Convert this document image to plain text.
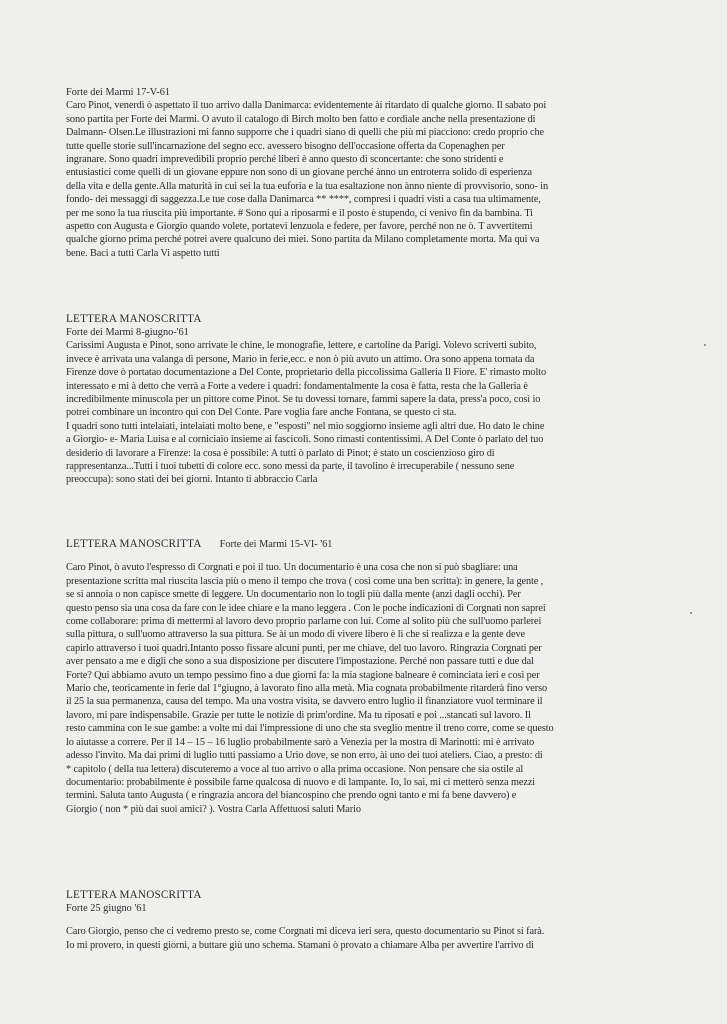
Forte dei Marmi 17-V-61

Caro Pinot, venerdì ò aspettato il tuo arrivo dalla Danimarca: evidentemente ài ritardato di qualche giorno. Il sabato poi
sono partita per Forte dei Marmi. O avuto il catalogo di Birch molto ben fatto e cordiale anche nella presentazione di
Dalmann- Olsen.Le illustrazioni mi fanno supporre che i quadri siano di quelli che più mi piacciono: credo proprio che
tutte quelle storie sull'incarnazione del segno ecc. avessero bisogno dell'occasione offerta da Copenaghen per
ingranare. Sono quadri imprevedibili proprio perché liberi è anno questo di sconcertante: che sono stridenti e
entusiastici come quelli di un giovane eppure non sono di un giovane perché ànno un entroterra solido di esperienza
della vita e della gente.Alla maturità in cui sei la tua euforia e la tua esaltazione non ànno niente di provvisorio, sono- in
fondo- dei messaggi di saggezza.Le tue cose dalla Danimarca ** ****, compresi i quadri visti a casa tua ultimamente,
per me sono la tua riuscita più importante. # Sono qui a riposarmi e il posto è stupendo, ci venivo fin da bambina. Ti
aspetto con Augusta e Giorgio quando volete, portatevi lenzuola e federe, per favore, perché non ne ò. T avvertitemi
qualche giorno prima perché potrei avere qualcuno dei miei. Sono partita da Milano completamente morta. Ma qui va
bene. Baci a tutti Carla Vi aspetto tutti

LETTERA MANOSCRITTA

Forte dei Marmi 8-giugno-'61

Carissimi Augusta e Pinot, sono arrivate le chine, le monografie, lettere, e cartoline da Parigi. Volevo scriverti subito,
invece è arrivata una valanga di persone, Mario in ferie,ecc. e non ò più avuto un attimo. Ora sono appena tornata da
Firenze dove ò portatao documentazione a Del Conte, proprietario della piccolissima Galleria Il Fiore. E' rimasto molto
interessato e mi à detto che verrà a Forte a vedere i quadri: fondamentalmente la cosa è fatta, resta che la Galleria è
incredibilmente minuscola per un pittore come Pinot. Se tu dovessi tornare, fammi sapere la data, press'a poco, così io
potrei combinare un incontro qui con Del Conte. Pare voglia fare anche Fontana, se questo ci sta.
I quadri sono tutti intelaiati, intelaiati molto bene, e "esposti" nel mio soggiorno insieme agli altri due. Ho dato le chine
a Giorgio- e- Maria Luisa e al corniciaio insieme ai fascicoli. Sono rimasti contentissimi. A Del Conte ò parlato del tuo
desiderio di lavorare a Firenze: la cosa è possibile: A tutti ò parlato di Pinot; è stato un coscienzioso giro di
rappresentanza...Tutti i tuoi tubetti di colore ecc. sono messi da parte, il tavolino è irrecuperabile ( nessuno sene
preoccupa): sono stati dei bei giorni. Intanto ti abbraccio Carla

LETTERA MANOSCRITTA Forte dei Marmi 15-VI- '61

Caro Pinot, ò avuto l'espresso di Corgnati e poi il tuo. Un documentario è una cosa che non si può sbagliare: una
presentazione scritta mal riuscita lascia più o meno il tempo che trova ( così come una ben scritta): in genere, la gente ,
se si annoia o non capisce smette di leggere. Un documentario non lo togli più dalla mente (anzi dagli occhi). Per
questo penso sia una cosa da fare con le idee chiare e la mano leggera . Con le poche indicazioni di Corgnati non saprei
come collaborare: prima di mettermi al lavoro devo proprio parlarne con lui. Come al solito più che sull'uomo parlerei
sulla pittura, o sull'uomo attraverso la sua pittura. Se ài un modo di vivere libero è lì che si realizza e la gente deve
capirlo attraverso i tuoi quadri.Intanto posso fissare alcuni punti, per me chiave, del tuo lavoro. Ringrazia Corgnati per
aver pensato a me e digli che sono a sua disposizione per discutere l'impostazione. Perché non passare tutti e due dal
Forte? Qui abbiamo avuto un tempo pessimo fino a due giorni fa: la mia stagione balneare è cominciata ieri e così per
Mario che, teoricamente in ferie dal 1°giugno, à lavorato fino alla metà. Mia cognata probabilmente ritarderà fino verso
il 25 la sua permanenza, causa del tempo. Ma una vostra visita, se davvero entro luglio il finanziatore vuol terminare il
lavoro, mi pare indispensabile. Grazie per tutte le notizie di prim'ordine. Ma tu riposati e poi ...stancati sul lavoro. Il
resto cammina con le sue gambe: a volte mi dai l'impressione di uno che sta sveglio mentre il treno corre, come se questo
lo aiutasse a correre. Per il 14 – 15 – 16 luglio probabilmente sarò a Venezia per la mostra di Marinotti: mi è arrivato
adesso l'invito. Ma dai primi di luglio tutti passiamo a Urio dove, se non erro, ài uno dei tuoi ateliers. Ciao, a presto: di
* capitolo ( della tua lettera) discuteremo a voce al tuo arrivo o alla prima occasione. Non pensare che sia ostile al
documentario: probabilmente è possibile farne qualcosa di nuovo e di lampante. Io, lo sai, mi ci metterò senza mezzi
termini. Saluta tanto Augusta ( e ringrazia ancora del biancospino che prendo ogni tanto e mi fa bene davvero) e
Giorgio ( non * più dai suoi amici? ). Vostra Carla Affettuosi saluti Mario

LETTERA MANOSCRITTA

Forte 25 giugno '61

Caro Giorgio, penso che ci vedremo presto se, come Corgnati mi diceva ieri sera, questo documentario su Pinot si farà.
Io mi provero, in questi giorni, a buttare giù uno schema. Stamani ò provato a chiamare Alba per avvertire l'arrivo di
